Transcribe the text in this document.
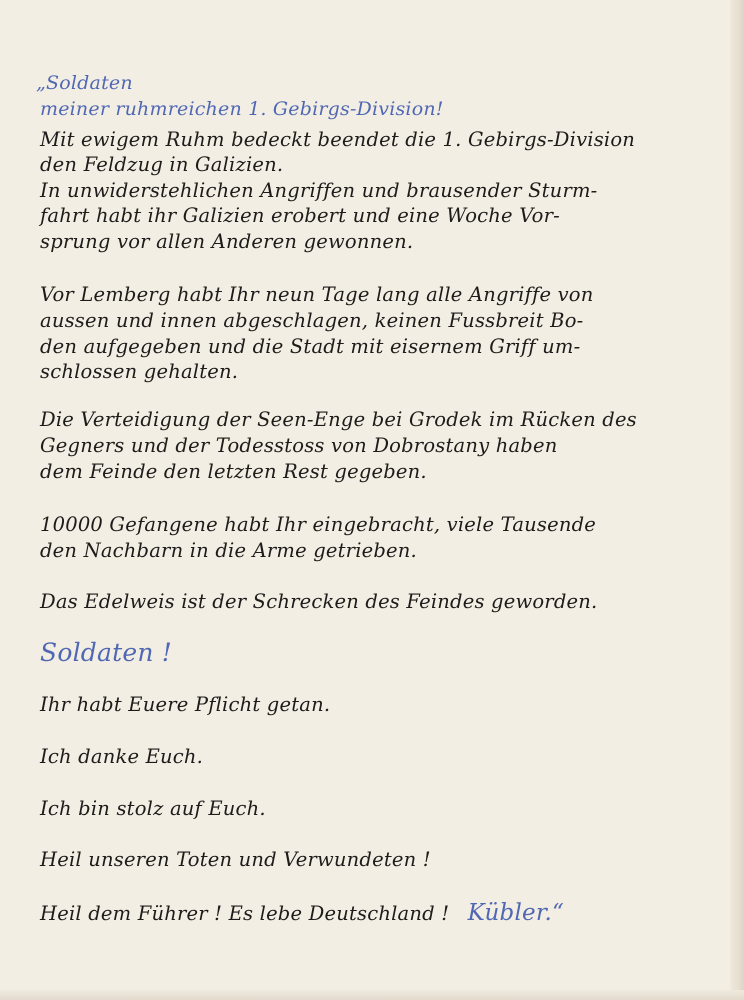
„Soldaten
meiner ruhmreichen 1. Gebirgs-Division!
Mit ewigem Ruhm bedeckt beendet die 1. Gebirgs-Division
den Feldzug in Galizien.
In unwiderstehlichen Angriffen und brausender Sturm-
fahrt habt ihr Galizien erobert und eine Woche Vor-
sprung vor allen Anderen gewonnen.
Vor Lemberg habt Ihr neun Tage lang alle Angriffe von
aussen und innen abgeschlagen, keinen Fussbreit Bo-
den aufgegeben und die Stadt mit eisernem Griff um-
schlossen gehalten.
Die Verteidigung der Seen-Enge bei Grodek im Rücken des
Gegners und der Todesstoss von Dobrostany haben
dem Feinde den letzten Rest gegeben.
10000 Gefangene habt Ihr eingebracht, viele Tausende
den Nachbarn in die Arme getrieben.
Das Edelweis ist der Schrecken des Feindes geworden.
Soldaten !
Ihr habt Euere Pflicht getan.
Ich danke Euch.
Ich bin stolz auf Euch.
Heil unseren Toten und Verwundeten !
Heil dem Führer ! Es lebe Deutschland ! Kübler.“
